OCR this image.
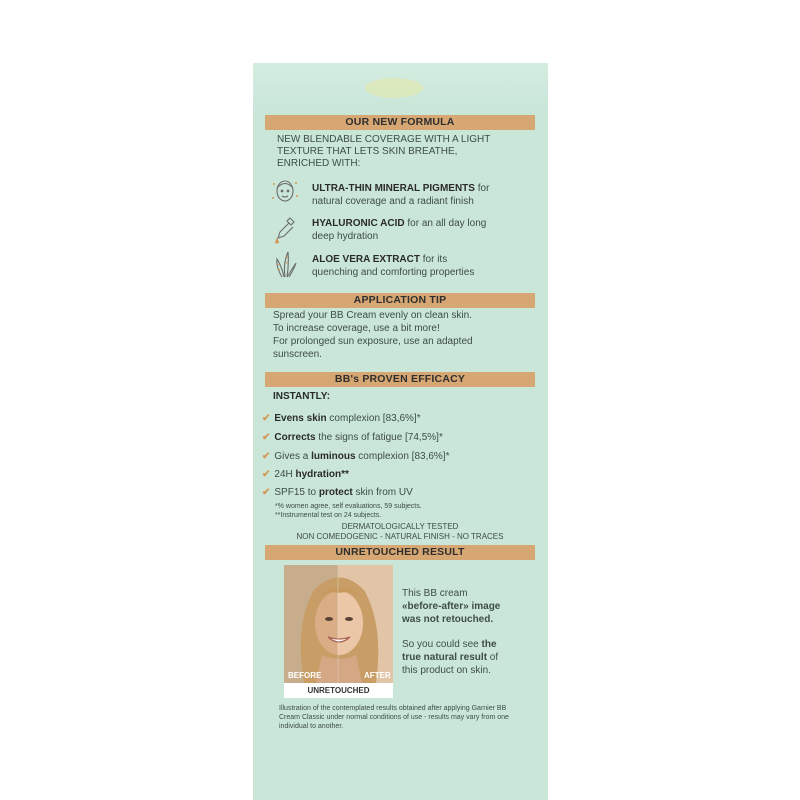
OUR NEW FORMULA
NEW BLENDABLE COVERAGE WITH A LIGHT
TEXTURE THAT LETS SKIN BREATHE,
ENRICHED WITH:
ULTRA-THIN MINERAL PIGMENTS for
natural coverage and a radiant finish
HYALURONIC ACID for an all day long
deep hydration
ALOE VERA EXTRACT for its
quenching and comforting properties
APPLICATION TIP
Spread your BB Cream evenly on clean skin.
To increase coverage, use a bit more!
For prolonged sun exposure, use an adapted
sunscreen.
BB's PROVEN EFFICACY
INSTANTLY:
✔ Evens skin complexion [83,6%]*
✔ Corrects the signs of fatigue [74,5%]*
✔ Gives a luminous complexion [83,6%]*
✔ 24H hydration**
✔ SPF15 to protect skin from UV
*% women agree, self evaluations, 59 subjects.
**Instrumental test on 24 subjects.
DERMATOLOGICALLY TESTED
NON COMEDOGENIC - NATURAL FINISH - NO TRACES
UNRETOUCHED RESULT
BEFORE	AFTER
UNRETOUCHED
This BB cream
«before-after» image
was not retouched.
So you could see the
true natural result of
this product on skin.
Illustration of the contemplated results obtained after applying Garnier BB
Cream Classic under normal conditions of use - results may vary from one
individual to another.
